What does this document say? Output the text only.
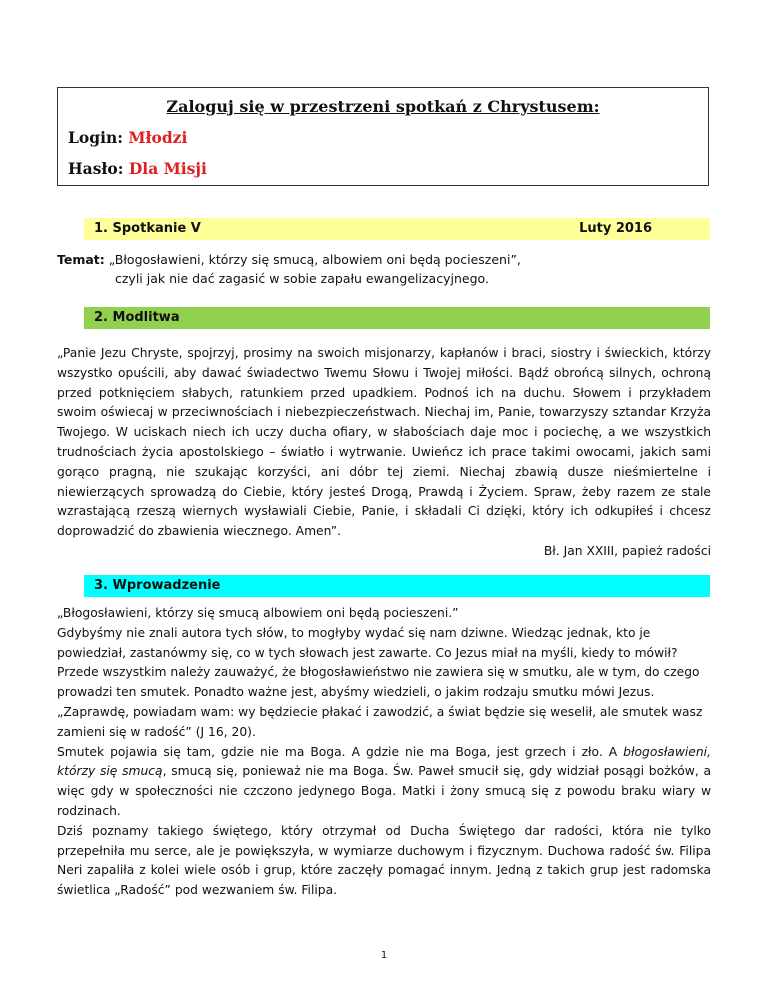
Zaloguj się w przestrzeni spotkań z Chrystusem:
Login: Młodzi
Hasło: Dla Misji
1. Spotkanie V	Luty 2016
Temat: „Błogosławieni, którzy się smucą, albowiem oni będą pocieszeni”,
czyli jak nie dać zagasić w sobie zapału ewangelizacyjnego.
2. Modlitwa
„Panie Jezu Chryste, spojrzyj, prosimy na swoich misjonarzy, kapłanów i braci, siostry i świeckich, którzy wszystko opuścili, aby dawać świadectwo Twemu Słowu i Twojej miłości. Bądź obrońcą silnych, ochroną przed potknięciem słabych, ratunkiem przed upadkiem. Podnoś ich na duchu. Słowem i przykładem swoim oświecaj w przeciwnościach i niebezpieczeństwach. Niechaj im, Panie, towarzyszy sztandar Krzyża Twojego. W uciskach niech ich uczy ducha ofiary, w słabościach daje moc i pociechę, a we wszystkich trudnościach życia apostolskiego – światło i wytrwanie. Uwieńcz ich prace takimi owocami, jakich sami gorąco pragną, nie szukając korzyści, ani dóbr tej ziemi. Niechaj zbawią dusze nieśmiertelne i niewierzących sprowadzą do Ciebie, który jesteś Drogą, Prawdą i Życiem. Spraw, żeby razem ze stale wzrastającą rzeszą wiernych wysławiali Ciebie, Panie, i składali Ci dzięki, który ich odkupiłeś i chcesz doprowadzić do zbawienia wiecznego. Amen”.
Bł. Jan XXIII, papież radości
3. Wprowadzenie

„Błogosławieni, którzy się smucą albowiem oni będą pocieszeni.”

Gdybyśmy nie znali autora tych słów, to mogłyby wydać się nam dziwne. Wiedząc jednak, kto je powiedział, zastanówmy się, co w tych słowach jest zawarte. Co Jezus miał na myśli, kiedy to mówił?

Przede wszystkim należy zauważyć, że błogosławieństwo nie zawiera się w smutku, ale w tym, do czego prowadzi ten smutek. Ponadto ważne jest, abyśmy wiedzieli, o jakim rodzaju smutku mówi Jezus.

„Zaprawdę, powiadam wam: wy będziecie płakać i zawodzić, a świat będzie się weselił, ale smutek wasz zamieni się w radość” (J 16, 20).

Smutek pojawia się tam, gdzie nie ma Boga. A gdzie nie ma Boga, jest grzech i zło. A błogosławieni, którzy się smucą, smucą się, ponieważ nie ma Boga. Św. Paweł smucił się, gdy widział posągi bożków, a więc gdy w społeczności nie czczono jedynego Boga. Matki i żony smucą się z powodu braku wiary w rodzinach.

Dziś poznamy takiego świętego, który otrzymał od Ducha Świętego dar radości, która nie tylko przepełniła mu serce, ale je powiększyła, w wymiarze duchowym i fizycznym. Duchowa radość św. Filipa Neri zapaliła z kolei wiele osób i grup, które zaczęły pomagać innym. Jedną z takich grup jest radomska świetlica „Radość” pod wezwaniem św. Filipa.

1
